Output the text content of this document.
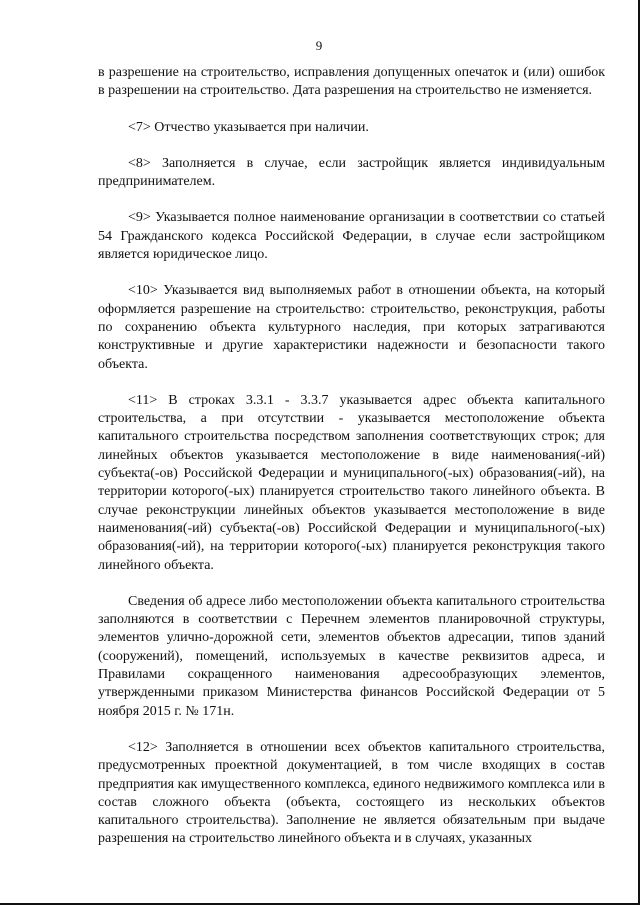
9

в разрешение на строительство, исправления допущенных опечаток и (или) ошибок в разрешении на строительство. Дата разрешения на строительство не изменяется.

<7> Отчество указывается при наличии.

<8> Заполняется в случае, если застройщик является индивидуальным предпринимателем.

<9> Указывается полное наименование организации в соответствии со статьей 54 Гражданского кодекса Российской Федерации, в случае если застройщиком является юридическое лицо.

<10> Указывается вид выполняемых работ в отношении объекта, на который оформляется разрешение на строительство: строительство, реконструкция, работы по сохранению объекта культурного наследия, при которых затрагиваются конструктивные и другие характеристики надежности и безопасности такого объекта.

<11> В строках 3.3.1 - 3.3.7 указывается адрес объекта капитального строительства, а при отсутствии - указывается местоположение объекта капитального строительства посредством заполнения соответствующих строк; для линейных объектов указывается местоположение в виде наименования(-ий) субъекта(-ов) Российской Федерации и муниципального(-ых) образования(-ий), на территории которого(-ых) планируется строительство такого линейного объекта. В случае реконструкции линейных объектов указывается местоположение в виде наименования(-ий) субъекта(-ов) Российской Федерации и муниципального(-ых) образования(-ий), на территории которого(-ых) планируется реконструкция такого линейного объекта.

Сведения об адресе либо местоположении объекта капитального строительства заполняются в соответствии с Перечнем элементов планировочной структуры, элементов улично-дорожной сети, элементов объектов адресации, типов зданий (сооружений), помещений, используемых в качестве реквизитов адреса, и Правилами сокращенного наименования адресообразующих элементов, утвержденными приказом Министерства финансов Российской Федерации от 5 ноября 2015 г. № 171н.

<12> Заполняется в отношении всех объектов капитального строительства, предусмотренных проектной документацией, в том числе входящих в состав предприятия как имущественного комплекса, единого недвижимого комплекса или в состав сложного объекта (объекта, состоящего из нескольких объектов капитального строительства). Заполнение не является обязательным при выдаче разрешения на строительство линейного объекта и в случаях, указанных
